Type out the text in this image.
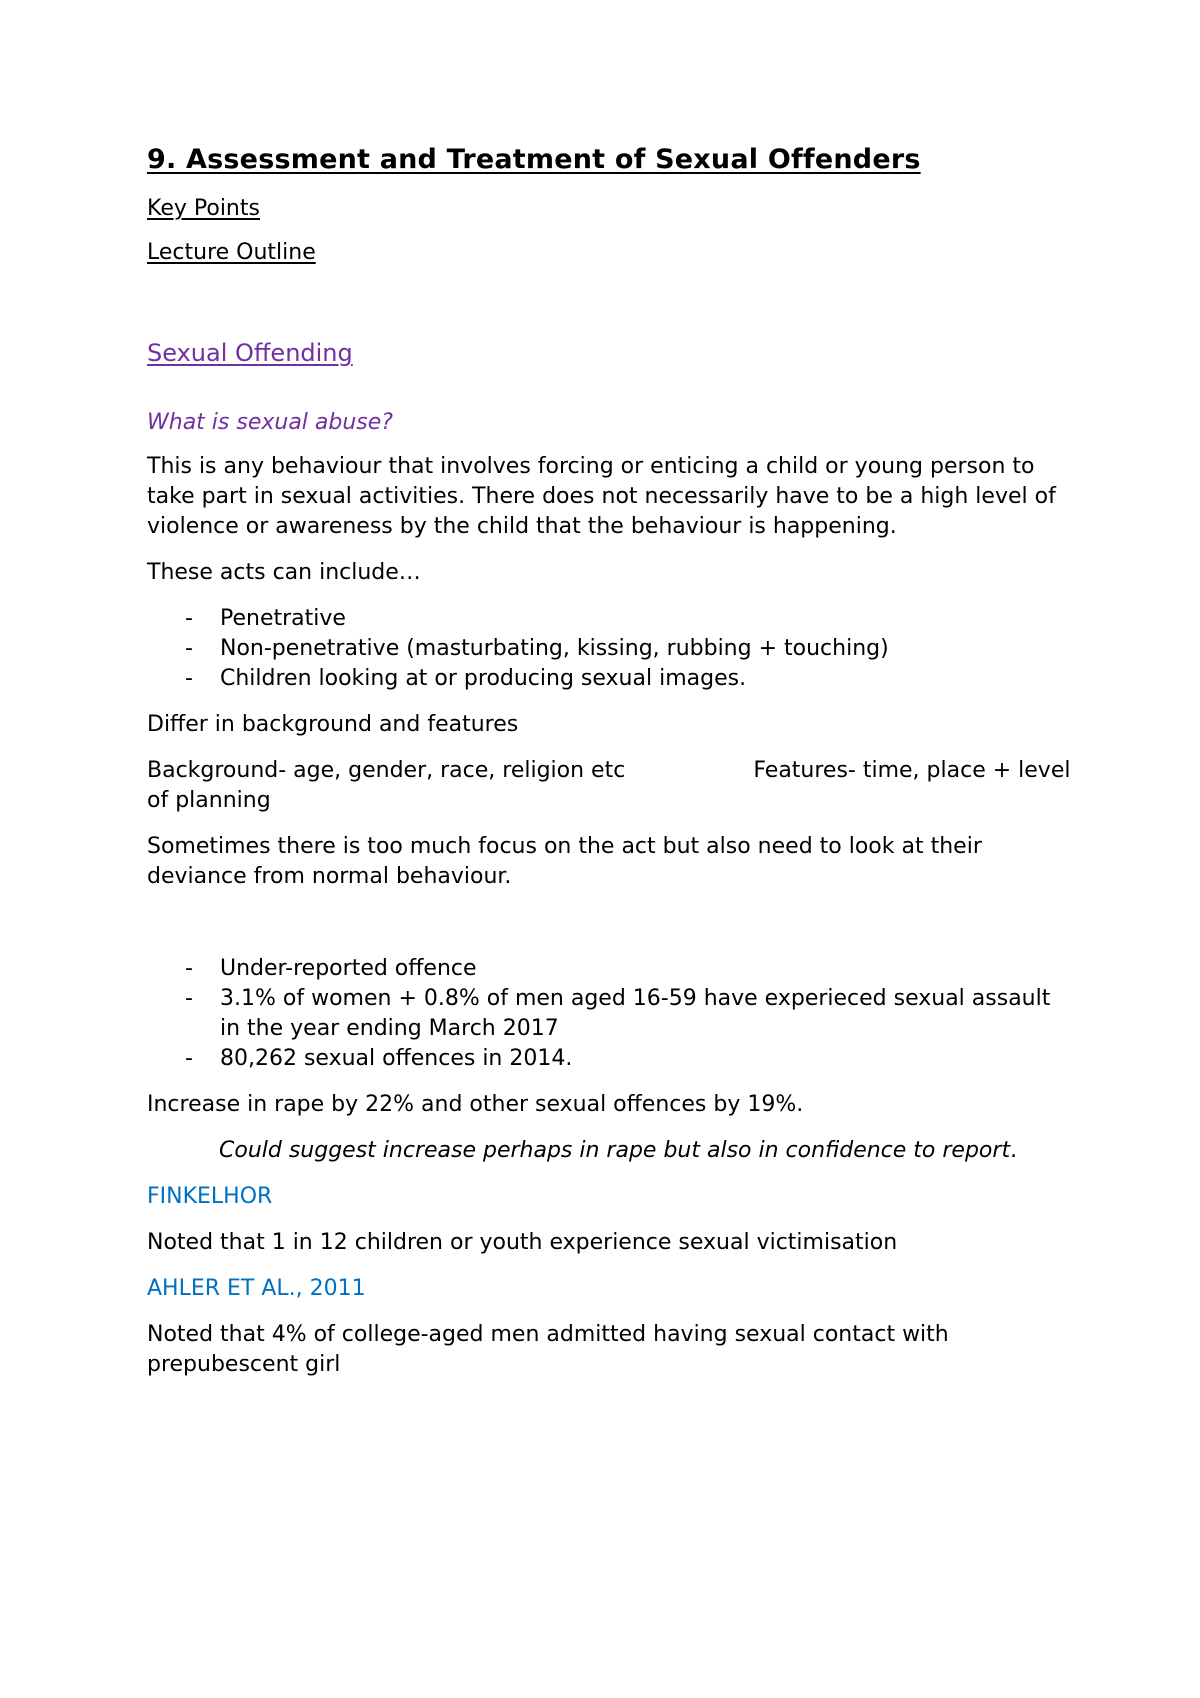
9. Assessment and Treatment of Sexual Offenders
Key Points
Lecture Outline
Sexual Offending
What is sexual abuse?

This is any behaviour that involves forcing or enticing a child or young person to take part in sexual activities. There does not necessarily have to be a high level of violence or awareness by the child that the behaviour is happening.

These acts can include…

- Penetrative
- Non-penetrative (masturbating, kissing, rubbing + touching)
- Children looking at or producing sexual images.

Differ in background and features

Background- age, gender, race, religion etc	Features- time, place + level of planning

Sometimes there is too much focus on the act but also need to look at their deviance from normal behaviour.

- Under-reported offence
- 3.1% of women + 0.8% of men aged 16-59 have experieced sexual assault in the year ending March 2017
- 80,262 sexual offences in 2014.

Increase in rape by 22% and other sexual offences by 19%.

Could suggest increase perhaps in rape but also in confidence to report.
FINKELHOR

Noted that 1 in 12 children or youth experience sexual victimisation

AHLER ET AL., 2011

Noted that 4% of college-aged men admitted having sexual contact with prepubescent girl
